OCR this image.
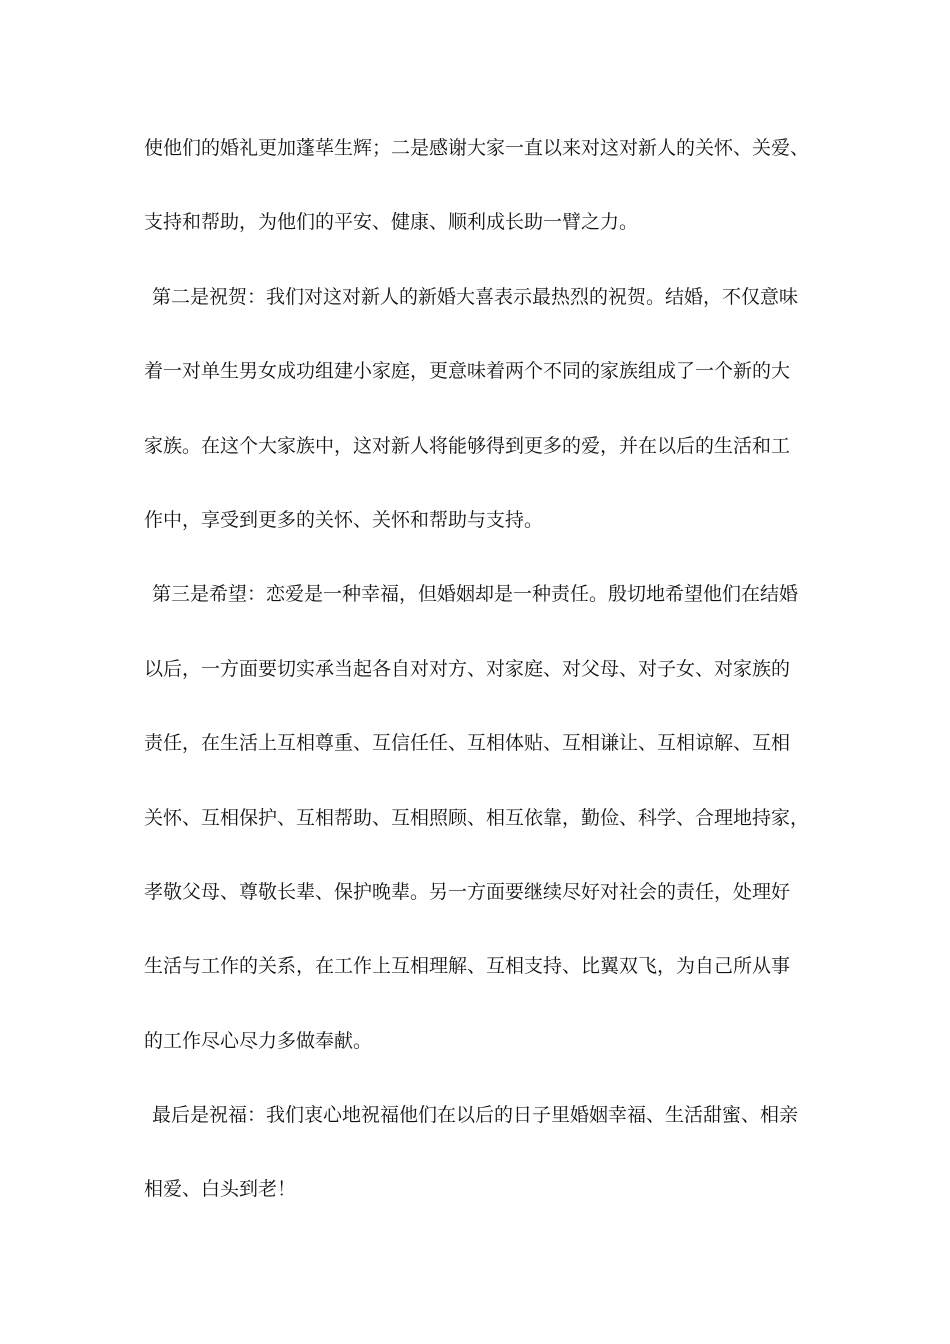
使他们的婚礼更加蓬荜生辉；二是感谢大家一直以来对这对新人的关怀、关爱、
支持和帮助，为他们的平安、健康、顺利成长助一臂之力。
第二是祝贺：我们对这对新人的新婚大喜表示最热烈的祝贺。结婚，不仅意味
着一对单生男女成功组建小家庭，更意味着两个不同的家族组成了一个新的大
家族。在这个大家族中，这对新人将能够得到更多的爱，并在以后的生活和工
作中，享受到更多的关怀、关怀和帮助与支持。
第三是希望：恋爱是一种幸福，但婚姻却是一种责任。殷切地希望他们在结婚
以后，一方面要切实承当起各自对对方、对家庭、对父母、对子女、对家族的
责任，在生活上互相尊重、互信任任、互相体贴、互相谦让、互相谅解、互相
关怀、互相保护、互相帮助、互相照顾、相互依靠，勤俭、科学、合理地持家，
孝敬父母、尊敬长辈、保护晚辈。另一方面要继续尽好对社会的责任，处理好
生活与工作的关系，在工作上互相理解、互相支持、比翼双飞，为自己所从事
的工作尽心尽力多做奉献。
最后是祝福：我们衷心地祝福他们在以后的日子里婚姻幸福、生活甜蜜、相亲
相爱、白头到老！
